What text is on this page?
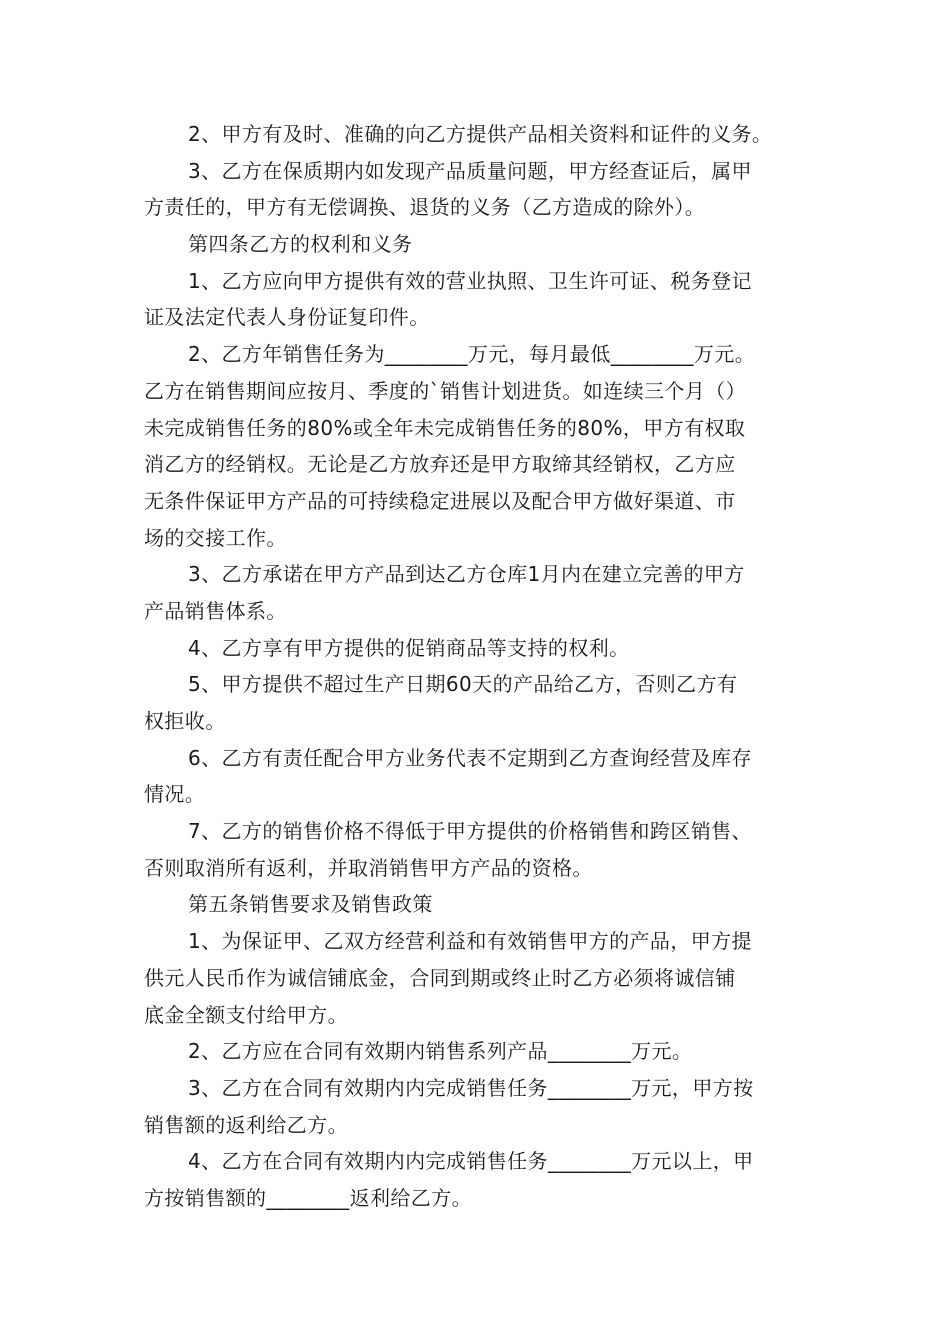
2、甲方有及时、准确的向乙方提供产品相关资料和证件的义务。
3、乙方在保质期内如发现产品质量问题，甲方经查证后，属甲
方责任的，甲方有无偿调换、退货的义务（乙方造成的除外）。
第四条乙方的权利和义务
1、乙方应向甲方提供有效的营业执照、卫生许可证、税务登记
证及法定代表人身份证复印件。
2、乙方年销售任务为________万元，每月最低________万元。
乙方在销售期间应按月、季度的`销售计划进货。如连续三个月（）
未完成销售任务的80%或全年未完成销售任务的80%，甲方有权取
消乙方的经销权。无论是乙方放弃还是甲方取缔其经销权，乙方应
无条件保证甲方产品的可持续稳定进展以及配合甲方做好渠道、市
场的交接工作。
3、乙方承诺在甲方产品到达乙方仓库1月内在建立完善的甲方
产品销售体系。
4、乙方享有甲方提供的促销商品等支持的权利。
5、甲方提供不超过生产日期60天的产品给乙方，否则乙方有
权拒收。
6、乙方有责任配合甲方业务代表不定期到乙方查询经营及库存
情况。
7、乙方的销售价格不得低于甲方提供的价格销售和跨区销售、
否则取消所有返利，并取消销售甲方产品的资格。
第五条销售要求及销售政策
1、为保证甲、乙双方经营利益和有效销售甲方的产品，甲方提
供元人民币作为诚信铺底金，合同到期或终止时乙方必须将诚信铺
底金全额支付给甲方。
2、乙方应在合同有效期内销售系列产品________万元。
3、乙方在合同有效期内内完成销售任务________万元，甲方按
销售额的返利给乙方。
4、乙方在合同有效期内内完成销售任务________万元以上，甲
方按销售额的________返利给乙方。
